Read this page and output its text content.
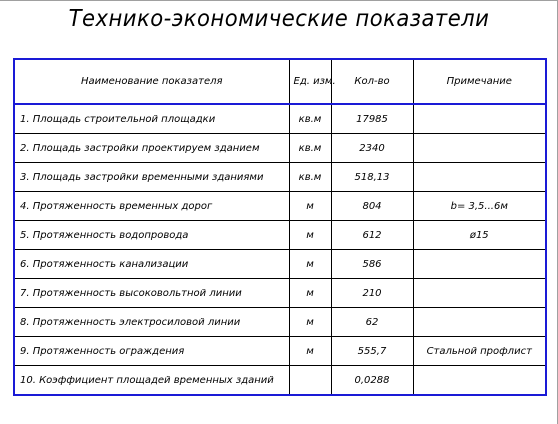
Технико-экономические показатели
Наименование показателя	Ед. изм.	Кол-во	Примечание
1. Площадь строительной площадки	кв.м	17985	
2. Площадь застройки проектируем зданием	кв.м	2340	
3. Площадь застройки временными зданиями	кв.м	518,13	
4. Протяженность временных дорог	м	804	b= 3,5...6м
5. Протяженность водопровода	м	612	ø15
6. Протяженность канализации	м	586	
7. Протяженность высоковольтной линии	м	210	
8. Протяженность электросиловой линии	м	62	
9. Протяженность ограждения	м	555,7	Стальной профлист
10. Коэффициент площадей временных зданий		0,0288	
